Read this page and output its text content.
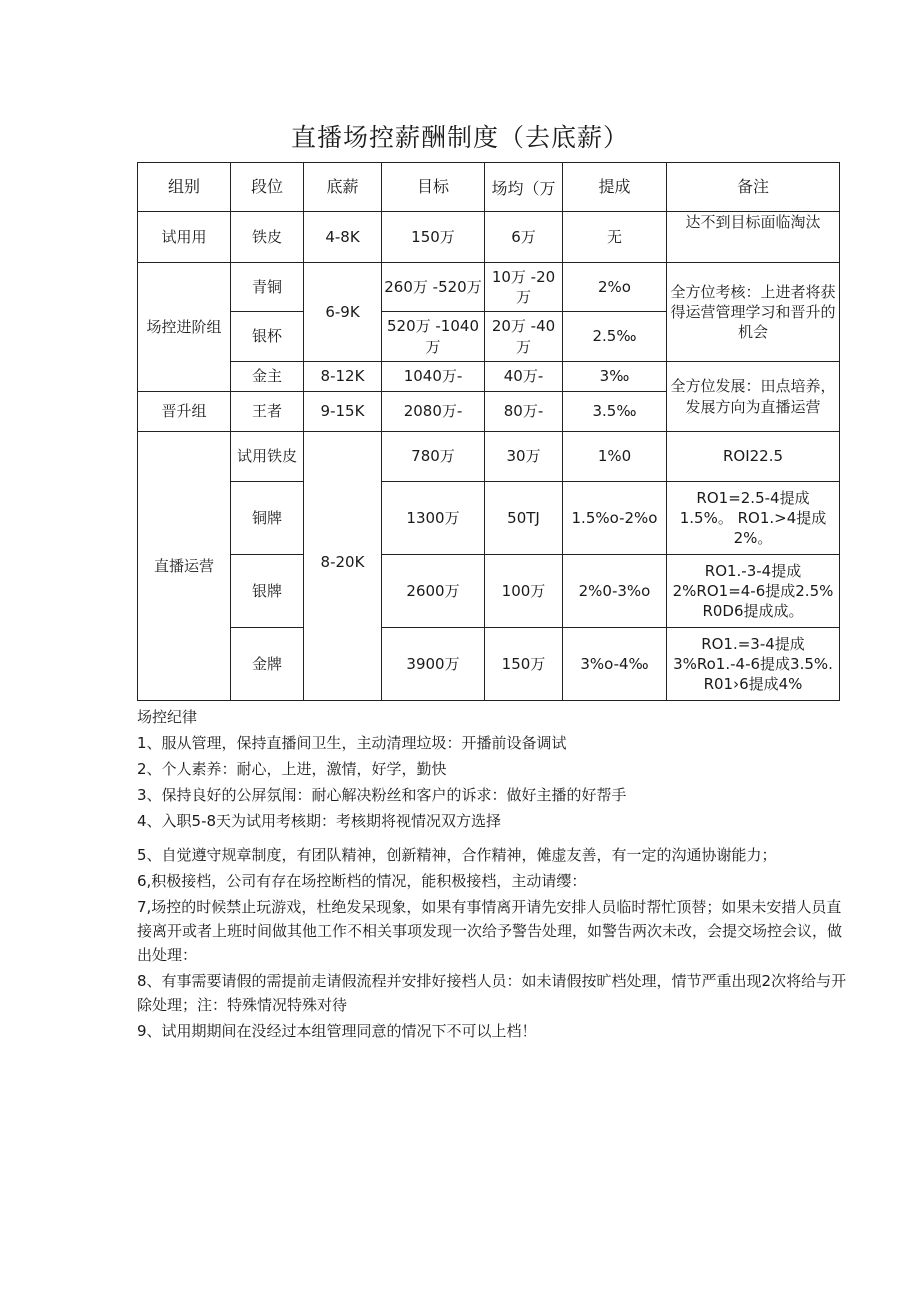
直播场控薪酬制度（去底薪）
组别	段位	底薪	目标	场均（万	提成	备注
试用用	铁皮	4-8K	150万	6万	无	达不到目标面临淘汰
场控进阶组	青铜	6-9K	260万 -520万	10万 -20万	2%o	全方位考核：上进者将获得运营管理学习和晋升的机会
	银杯		520万 -1040万	20万 -40万	2.5‰	
	金主	8-12K	1040万-	40万-	3‰	全方位发展：田点培养，发展方向为直播运营
晋升组	王者	9-15K	2080万-	80万-	3.5‰	
直播运营	试用铁皮	8-20K	780万	30万	1%0	ROI22.5
	铜牌		1300万	50TJ	1.5%o-2%o	RO1=2.5-4提成 1.5%。 RO1.>4提成2%。
	银牌		2600万	100万	2%0-3%o	RO1.-3-4提成2%RO1=4-6提成2.5% R0D6提成成。
	金牌		3900万	150万	3%o-4‰	RO1.=3-4提成3%Ro1.-4-6提成3.5%. R01›6提成4%
场控纪律
1、服从管理，保持直播间卫生，主动清理垃圾：开播前设备调试
2、个人素养：耐心，上进，激情，好学，勤快
3、保持良好的公屏氛闱：耐心解决粉丝和客户的诉求：做好主播的好帮手
4、入职5-8天为试用考核期：考核期将视情况双方选择
5、自觉遵守规章制度，有团队精神，创新精神，合作精神，傩虚友善，有一定的沟通协谢能力；
6,积极接档，公司有存在场控断档的情况，能积极接档，主动请缨：
7,场控的时候禁止玩游戏，杜绝发呆现象，如果有事情离开请先安排人员临时帮忙顶替；如果未安措人员直接离开或者上班时间做其他工作不相关事项发现一次给予警告处理，如警告两次未改，会提交场控会议，做出处理：
8、有事需要请假的需提前走请假流程并安排好接档人员：如未请假按旷档处理，情节严重出现2次将给与开除处理；注：特殊情况特殊对待
9、试用期期间在没经过本组管理同意的情况下不可以上档！
